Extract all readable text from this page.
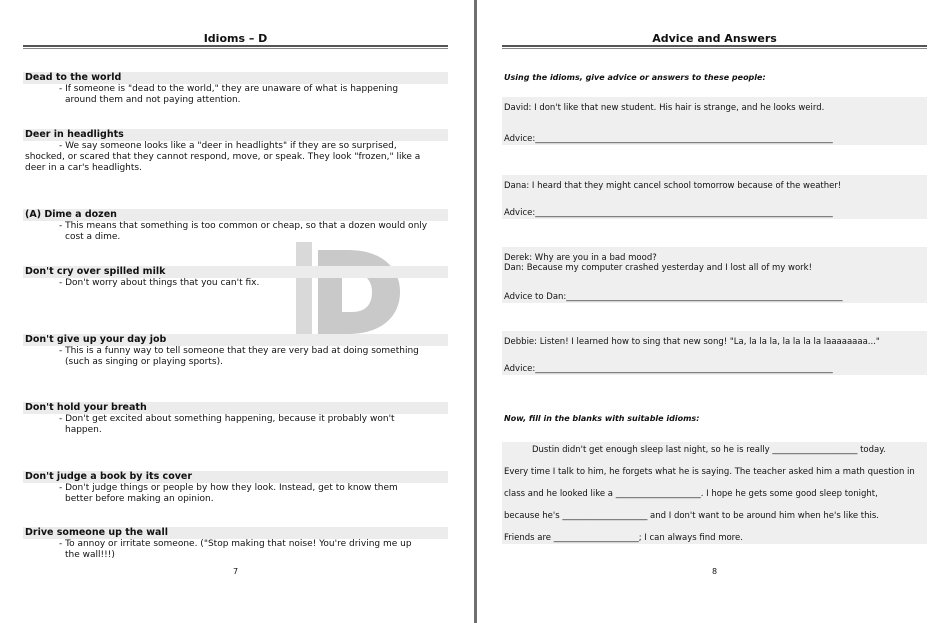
Idioms – D
Dead to the world
- If someone is "dead to the world," they are unaware of what is happening
around them and not paying attention.
Deer in headlights
- We say someone looks like a "deer in headlights" if they are so surprised,
shocked, or scared that they cannot respond, move, or speak. They look "frozen," like a
deer in a car's headlights.
(A) Dime a dozen
- This means that something is too common or cheap, so that a dozen would only
cost a dime.
Don't cry over spilled milk
- Don't worry about things that you can't fix.
Don't give up your day job
- This is a funny way to tell someone that they are very bad at doing something
(such as singing or playing sports).
Don't hold your breath
- Don't get excited about something happening, because it probably won't
happen.
Don't judge a book by its cover
- Don't judge things or people by how they look. Instead, get to know them
better before making an opinion.
Drive someone up the wall
- To annoy or irritate someone. ("Stop making that noise! You're driving me up
the wall!!!)
7
Advice and Answers
Using the idioms, give advice or answers to these people:
David: I don't like that new student. His hair is strange, and he looks weird.
Advice:______________________________________________________________________
Dana: I heard that they might cancel school tomorrow because of the weather!
Advice:______________________________________________________________________
Derek: Why are you in a bad mood?
Dan: Because my computer crashed yesterday and I lost all of my work!
Advice to Dan:_________________________________________________________________
Debbie: Listen! I learned how to sing that new song! "La, la la la, la la la la laaaaaaaa..."
Advice:______________________________________________________________________
Now, fill in the blanks with suitable idioms:
Dustin didn't get enough sleep last night, so he is really ____________________ today.
Every time I talk to him, he forgets what he is saying. The teacher asked him a math question in
class and he looked like a ____________________. I hope he gets some good sleep tonight,
because he's ____________________ and I don't want to be around him when he's like this.
Friends are ____________________; I can always find more.
8
